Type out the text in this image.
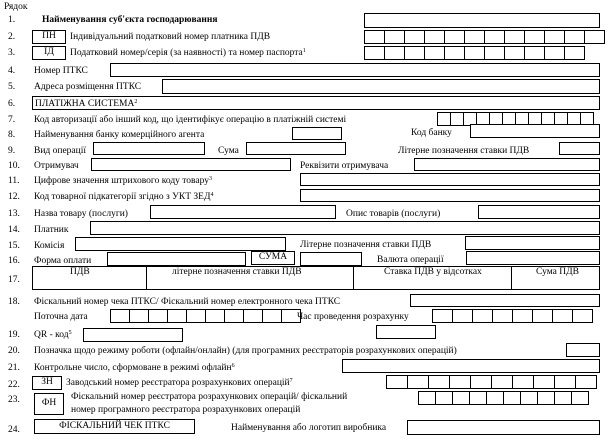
Рядок
1.	Найменування суб'єкта господарювання
2.	ПН	Індивідуальний податковий номер платника ПДВ
3.	ІД	Податковий номер/серія (за наявності) та номер паспорта$^1$
4. Номер ПТКС
5. Адреса розміщення ПТКС
6. ПЛАТІЖНА СИСТЕМА$^2$
7. Код авторизації або інший код, що ідентифікує операцію в платіжній системі
8. Найменування банку комерційного агента	Код банку
9. Вид операції	Сума	Літерне позначення ставки ПДВ
10. Отримувач	Реквізити отримувача
11. Цифрове значення штрихового коду товару$^3$
12. Код товарної підкатегорії згідно з УКТ ЗЕД$^4$
13. Назва товару (послуги)	Опис товарів (послуги)
14. Платник
15. Комісія	Літерне позначення ставки ПДВ
16. Форма оплати	СУМА	Валюта операції
17.
ПДВ	літерне позначення ставки ПДВ	Ставка ПДВ у відсотках	Сума ПДВ
18. Фіскальний номер чека ПТКС/ Фіскальний номер електронного чека ПТКС
Поточна дата	Час проведення розрахунку
19. QR - код$^5$
20. Позначка щодо режиму роботи (офлайн/онлайн) (для програмних реєстраторів розрахункових операцій)
21. Контрольне число, сформоване в режимі офлайн$^6$
22.	ЗН	Заводський номер реєстратора розрахункових операцій$^7$
23.	ФН
Фіскальний номер реєстратора розрахункових операцій/ фіскальний
номер програмного реєстратора розрахункових операцій
24.	ФІСКАЛЬНИЙ ЧЕК ПТКС	Найменування або логотип виробника
